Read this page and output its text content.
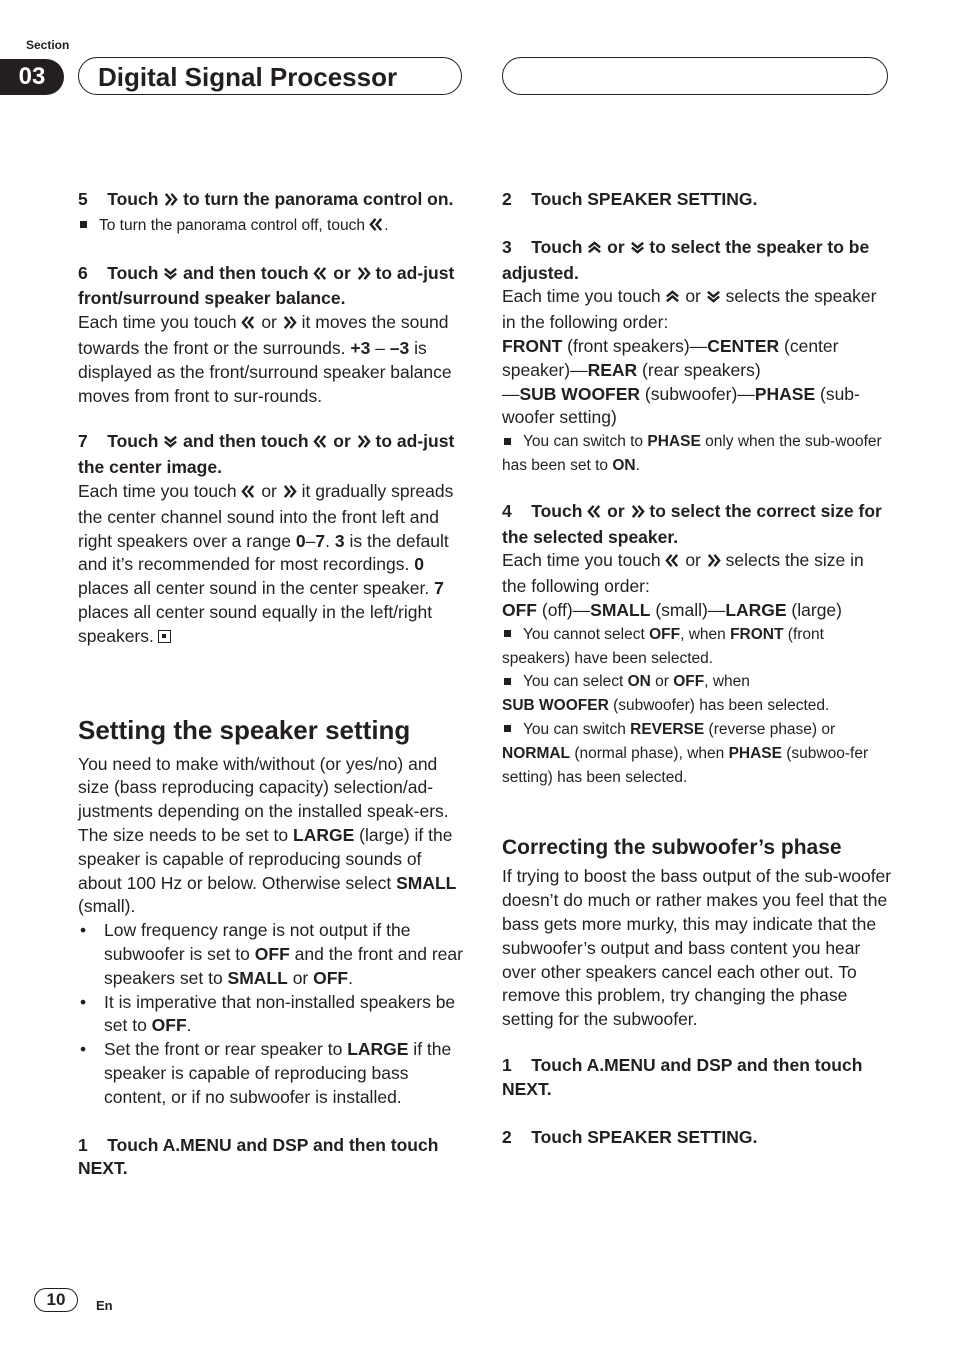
Section
03	Digital Signal Processor

5 Touch to turn the panorama control on.

To turn the panorama control off, touch .

6 Touch and then touch or to ad-just front/surround speaker balance.

Each time you touch or it moves the sound towards the front or the surrounds. +3 – –3 is displayed as the front/surround speaker balance moves from front to sur-rounds.

7 Touch and then touch or to ad-just the center image.

Each time you touch or it gradually spreads the center channel sound into the front left and right speakers over a range 0–7. 3 is the default and it’s recommended for most recordings. 0 places all center sound in the center speaker. 7 places all center sound equally in the left/right speakers.

Setting the speaker setting

You need to make with/without (or yes/no) and size (bass reproducing capacity) selection/ad-justments depending on the installed speak-ers. The size needs to be set to LARGE (large) if the speaker is capable of reproducing sounds of about 100 Hz or below. Otherwise select SMALL (small).

• Low frequency range is not output if the subwoofer is set to OFF and the front and rear speakers set to SMALL or OFF.

• It is imperative that non-installed speakers be set to OFF.

• Set the front or rear speaker to LARGE if the speaker is capable of reproducing bass content, or if no subwoofer is installed.

1 Touch A.MENU and DSP and then touch NEXT.

2 Touch SPEAKER SETTING.

3 Touch or to select the speaker to be adjusted.

Each time you touch or selects the speaker in the following order:

FRONT (front speakers)—CENTER (center speaker)—REAR (rear speakers)
—SUB WOOFER (subwoofer)—PHASE (sub-woofer setting)

You can switch to PHASE only when the sub-woofer has been set to ON.

4 Touch or to select the correct size for the selected speaker.

Each time you touch or selects the size in the following order:

OFF (off)—SMALL (small)—LARGE (large)

You cannot select OFF, when FRONT (front speakers) have been selected.

You can select ON or OFF, when
SUB WOOFER (subwoofer) has been selected.

You can switch REVERSE (reverse phase) or
NORMAL (normal phase), when PHASE (subwoo-fer setting) has been selected.

Correcting the subwoofer’s phase

If trying to boost the bass output of the sub-woofer doesn’t do much or rather makes you feel that the bass gets more murky, this may indicate that the subwoofer’s output and bass content you hear over other speakers cancel each other out. To remove this problem, try changing the phase setting for the subwoofer.

1 Touch A.MENU and DSP and then touch NEXT.

2 Touch SPEAKER SETTING.

10	En
